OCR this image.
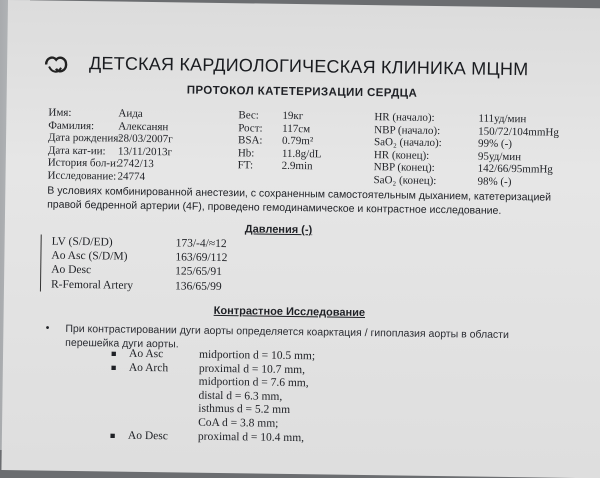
ДЕТСКАЯ КАРДИОЛОГИЧЕСКАЯ КЛИНИКА МЦНМ
ПРОТОКОЛ КАТЕТЕРИЗАЦИИ СЕРДЦА
Имя:	Аида
Фамилия:	Алексанян
Дата рождения:
28/03/2007г
Дата кат-ии:	13/11/2013г
История бол-и:
2742/13
Исследование: 24774
Вес:	19кг
Рост:	117см
BSA:	0.79m²
Hb:	11.8g/dL
FT:	2.9min
HR (начало):	111уд/мин
NBP (начало):	150/72/104mmHg
SaO₂ (начало):	99% (-)
HR (конец):	95уд/мин
NBP (конец):	142/66/95mmHg
SaO₂ (конец):	98% (-)
В условиях комбинированной анестезии, с сохраненным самостоятельным дыханием, катетеризацией правой бедренной артерии (4F), проведено гемодинамическое и контрастное исследование.
Давления (-)
LV (S/D/ED)	173/-4/≈12
Ao Asc (S/D/M)	163/69/112
Ao Desc	125/65/91
R-Femoral Artery	136/65/99
Контрастное Исследование
• При контрастировании дуги аорты определяется коарктация / гипоплазия аорты в области перешейка дуги аорты.
■	Ao Asc	midportion d = 10.5 mm;
■	Ao Arch	proximal d = 10.7 mm,
midportion d = 7.6 mm,
distal d = 6.3 mm,
isthmus d = 5.2 mm
CoA d = 3.8 mm;
■	Ao Desc	proximal d = 10.4 mm,
